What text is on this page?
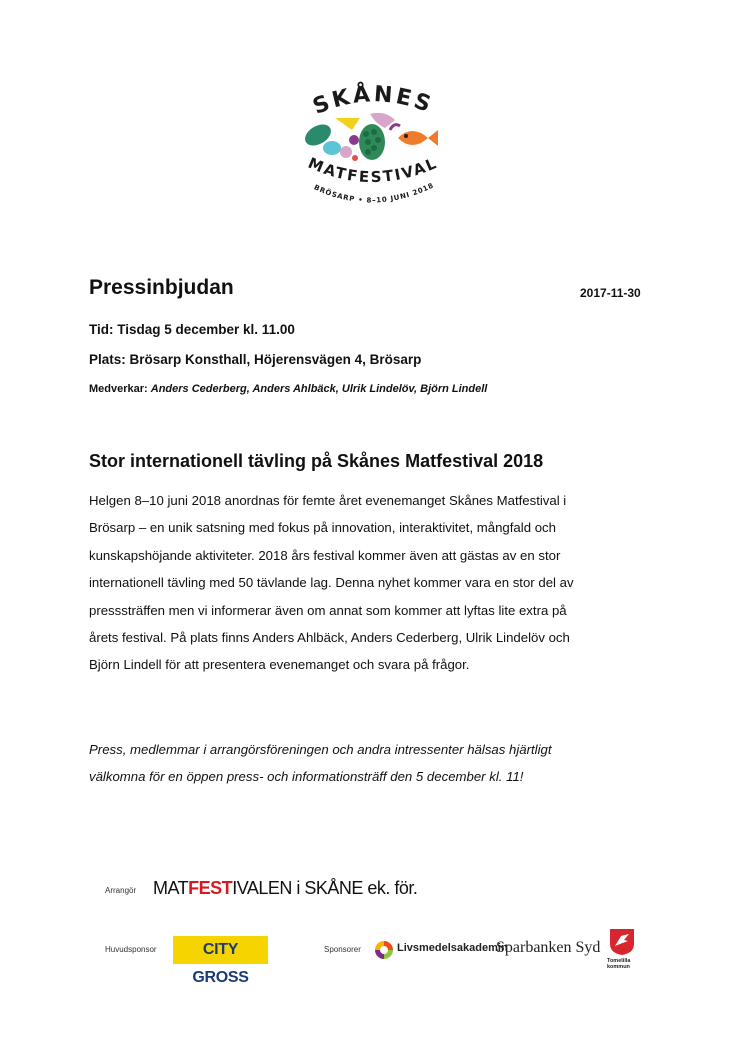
SKÅNES
MATFESTIVAL
BRÖSARP • 8–10 JUNI 2018
Pressinbjudan	2017-11-30
Tid: Tisdag 5 december kl. 11.00
Plats: Brösarp Konsthall, Höjerensvägen 4, Brösarp
Medverkar: Anders Cederberg, Anders Ahlbäck, Ulrik Lindelöv, Björn Lindell
Stor internationell tävling på Skånes Matfestival 2018
Helgen 8–10 juni 2018 anordnas för femte året evenemanget Skånes Matfestival i
Brösarp – en unik satsning med fokus på innovation, interaktivitet, mångfald och
kunskapshöjande aktiviteter. 2018 års festival kommer även att gästas av en stor
internationell tävling med 50 tävlande lag. Denna nyhet kommer vara en stor del av
presssträffen men vi informerar även om annat som kommer att lyftas lite extra på
årets festival. På plats finns Anders Ahlbäck, Anders Cederberg, Ulrik Lindelöv och
Björn Lindell för att presentera evenemanget och svara på frågor.
Press, medlemmar i arrangörsföreningen och andra intressenter hälsas hjärtligt
välkomna för en öppen press- och informationsträff den 5 december kl. 11!
Arrangör MATFESTIVALEN i SKÅNE ek. för.
Huvudsponsor	CITY GROSS
Sponsorer	Livsmedelsakademin
Sparbanken Syd
Tomelilla
kommun
